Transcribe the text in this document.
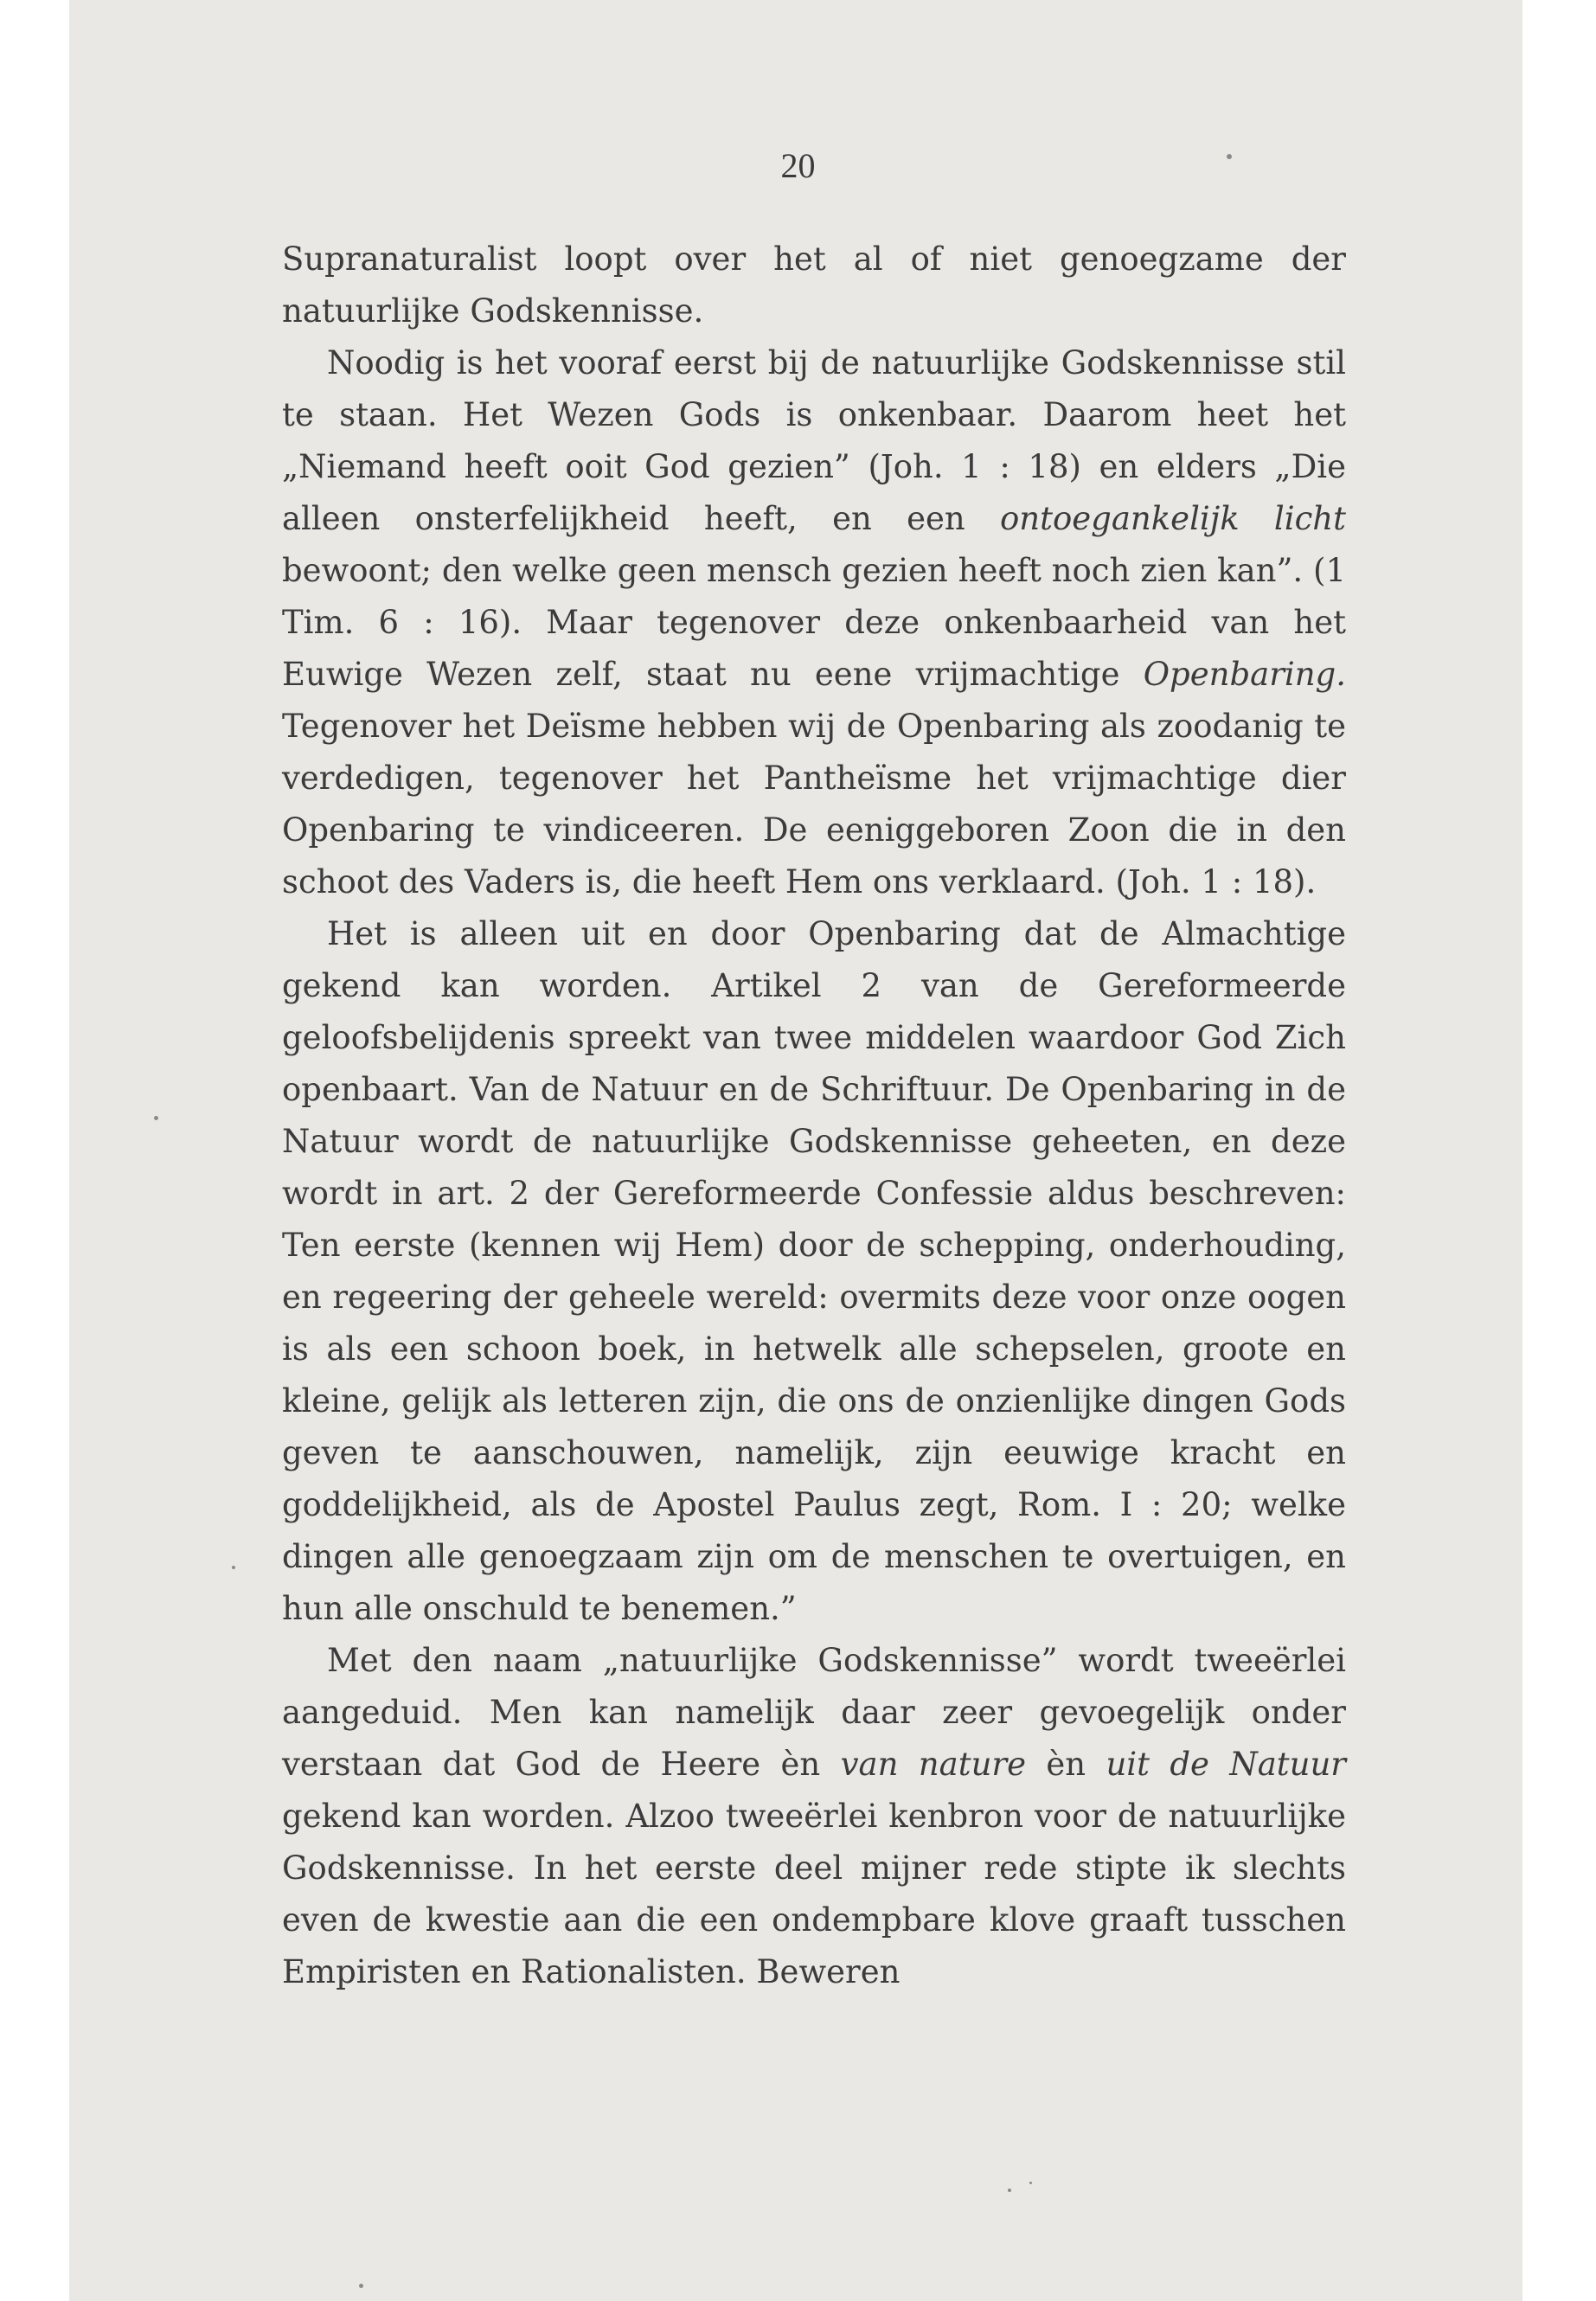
20

Supranaturalist loopt over het al of niet genoegzame der natuurlijke Godskennisse.

Noodig is het vooraf eerst bij de natuurlijke Godskennisse stil te staan. Het Wezen Gods is onkenbaar. Daarom heet het „Niemand heeft ooit God gezien” (Joh. 1 : 18) en elders „Die alleen onsterfelijkheid heeft, en een ontoegankelijk licht bewoont; den welke geen mensch gezien heeft noch zien kan”. (1 Tim. 6 : 16). Maar tegenover deze onkenbaarheid van het Euwige Wezen zelf, staat nu eene vrijmachtige Openbaring. Tegenover het Deïsme hebben wij de Openbaring als zoodanig te verdedigen, tegenover het Pantheïsme het vrijmachtige dier Openbaring te vindiceeren. De eeniggeboren Zoon die in den schoot des Vaders is, die heeft Hem ons verklaard. (Joh. 1 : 18).

Het is alleen uit en door Openbaring dat de Almachtige gekend kan worden. Artikel 2 van de Gereformeerde geloofsbelijdenis spreekt van twee middelen waardoor God Zich openbaart. Van de Natuur en de Schriftuur. De Openbaring in de Natuur wordt de natuurlijke Godskennisse geheeten, en deze wordt in art. 2 der Gereformeerde Confessie aldus beschreven: Ten eerste (kennen wij Hem) door de schepping, onderhouding, en regeering der geheele wereld: overmits deze voor onze oogen is als een schoon boek, in hetwelk alle schepselen, groote en kleine, gelijk als letteren zijn, die ons de onzienlijke dingen Gods geven te aanschouwen, namelijk, zijn eeuwige kracht en goddelijkheid, als de Apostel Paulus zegt, Rom. I : 20; welke dingen alle genoegzaam zijn om de menschen te overtuigen, en hun alle onschuld te benemen.”

Met den naam „natuurlijke Godskennisse” wordt tweeërlei aangeduid. Men kan namelijk daar zeer gevoegelijk onder verstaan dat God de Heere èn van nature èn uit de Natuur gekend kan worden. Alzoo tweeërlei kenbron voor de natuurlijke Godskennisse. In het eerste deel mijner rede stipte ik slechts even de kwestie aan die een ondempbare klove graaft tusschen Empiristen en Rationalisten. Beweren
